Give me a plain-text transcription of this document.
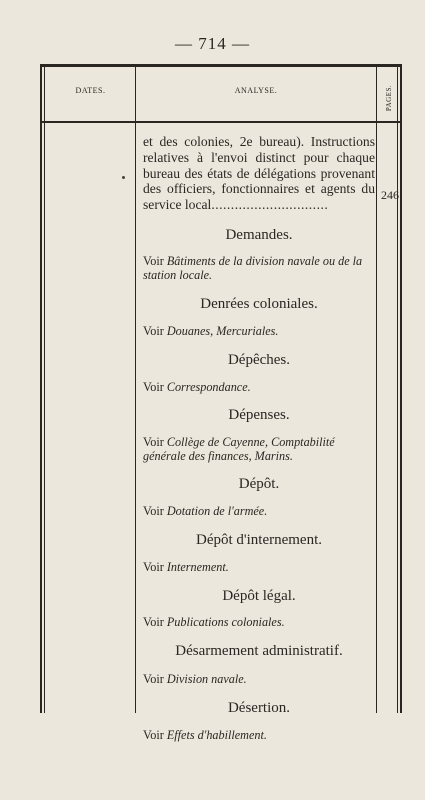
— 714 —
DATES.	ANALYSE.	PAGES.

et des colonies, 2e bureau). Instructions relatives à l'envoi distinct pour chaque bureau des états de délégations provenant des officiers, fonctionnaires et agents du service local..............................

Demandes.

Voir Bâtiments de la division navale ou de la station locale.

Denrées coloniales.

Voir Douanes, Mercuriales.

Dépêches.

Voir Correspondance.

Dépenses.

Voir Collège de Cayenne, Comptabilité générale des finances, Marins.

Dépôt.

Voir Dotation de l'armée.

Dépôt d'internement.

Voir Internement.

Dépôt légal.

Voir Publications coloniales.

Désarmement administratif.

Voir Division navale.

Désertion.

Voir Effets d'habillement.

246
